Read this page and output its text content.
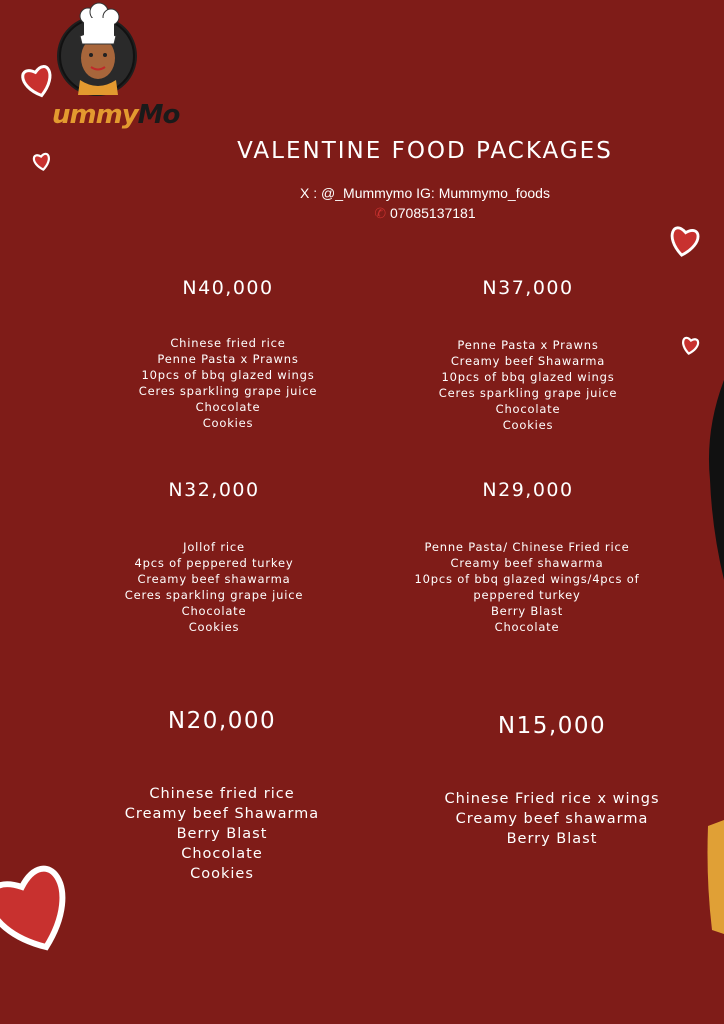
ummyMo
VALENTINE FOOD PACKAGES
X : @_Mummymo IG: Mummymo_foods
✆ 07085137181
N40,000
Chinese fried rice
Penne Pasta x Prawns
10pcs of bbq glazed wings
Ceres sparkling grape juice
Chocolate
Cookies
N37,000
Penne Pasta x Prawns
Creamy beef Shawarma
10pcs of bbq glazed wings
Ceres sparkling grape juice
Chocolate
Cookies
N32,000
Jollof rice
4pcs of peppered turkey
Creamy beef shawarma
Ceres sparkling grape juice
Chocolate
Cookies
N29,000
Penne Pasta/ Chinese Fried rice
Creamy beef shawarma
10pcs of bbq glazed wings/4pcs of
peppered turkey
Berry Blast
Chocolate
N20,000
Chinese fried rice
Creamy beef Shawarma
Berry Blast
Chocolate
Cookies
N15,000
Chinese Fried rice x wings
Creamy beef shawarma
Berry Blast
